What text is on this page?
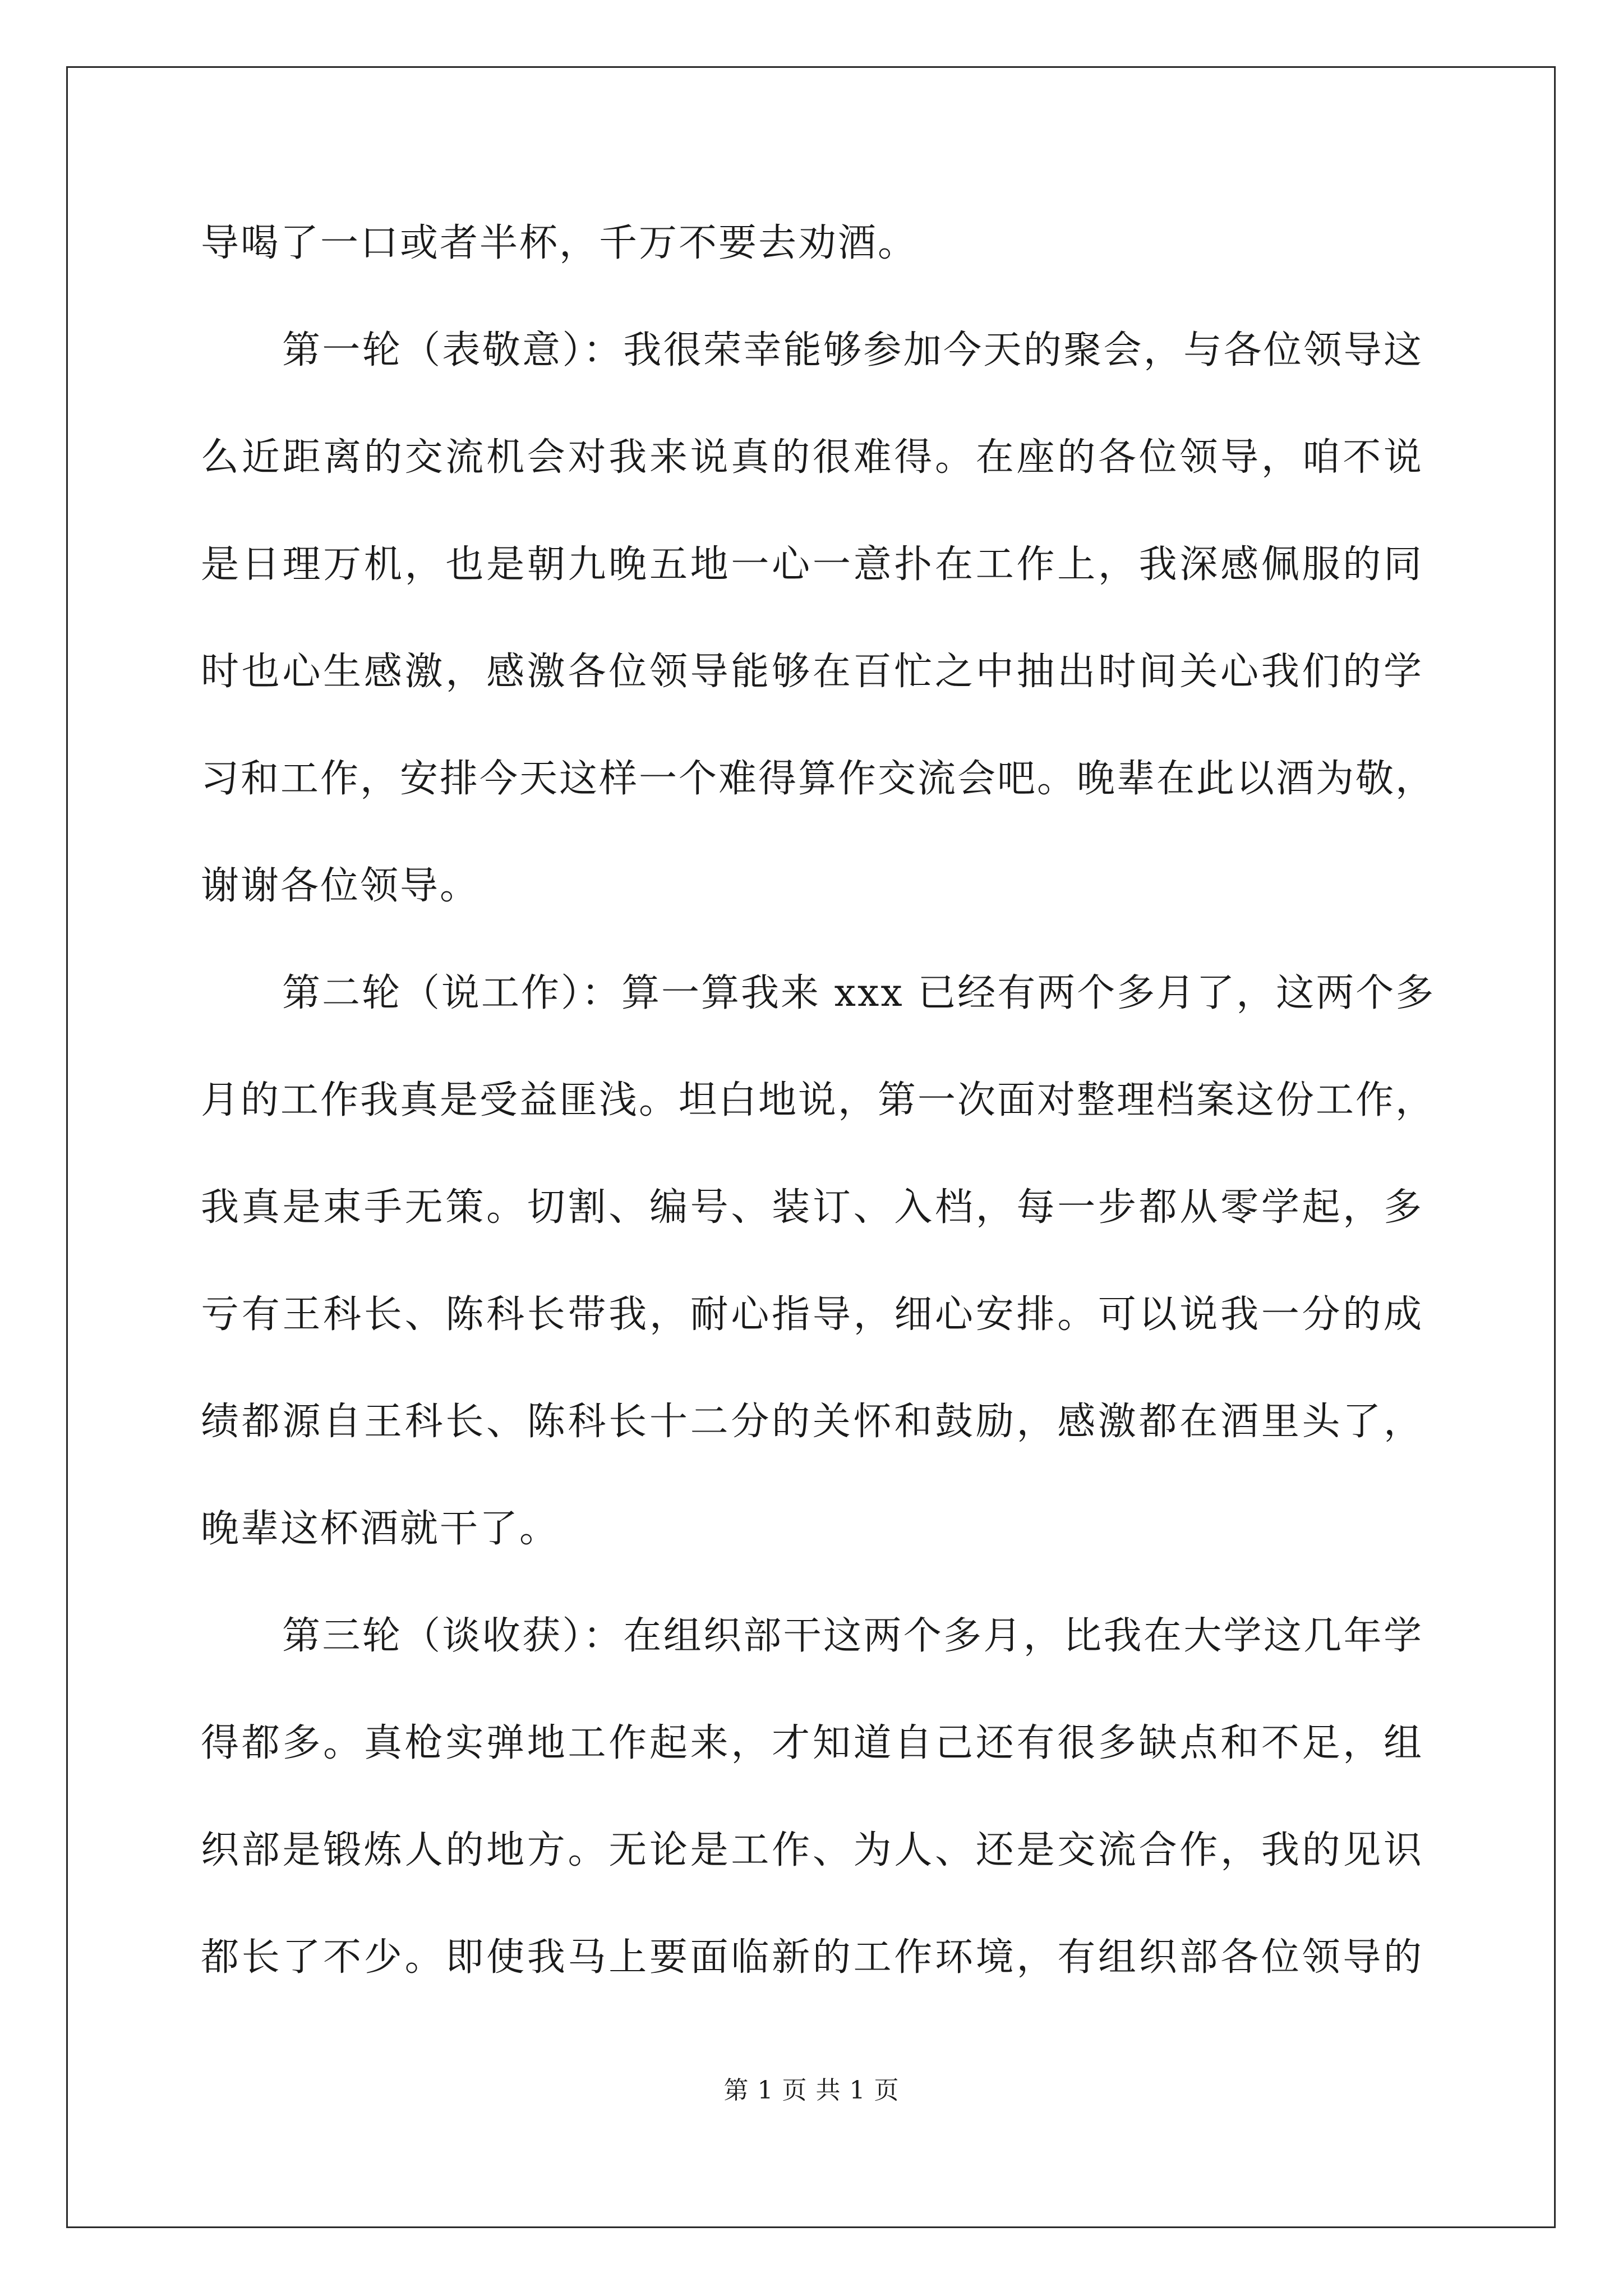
导喝了一口或者半杯，千万不要去劝酒。
第一轮（表敬意）：我很荣幸能够参加今天的聚会，与各位领导这
么近距离的交流机会对我来说真的很难得。在座的各位领导，咱不说
是日理万机，也是朝九晚五地一心一意扑在工作上，我深感佩服的同
时也心生感激，感激各位领导能够在百忙之中抽出时间关心我们的学
习和工作，安排今天这样一个难得算作交流会吧。晚辈在此以酒为敬，
谢谢各位领导。
第二轮（说工作）：算一算我来 xxx 已经有两个多月了，这两个多
月的工作我真是受益匪浅。坦白地说，第一次面对整理档案这份工作，
我真是束手无策。切割、编号、装订、入档，每一步都从零学起，多
亏有王科长、陈科长带我，耐心指导，细心安排。可以说我一分的成
绩都源自王科长、陈科长十二分的关怀和鼓励，感激都在酒里头了，
晚辈这杯酒就干了。
第三轮（谈收获）：在组织部干这两个多月，比我在大学这几年学
得都多。真枪实弹地工作起来，才知道自己还有很多缺点和不足，组
织部是锻炼人的地方。无论是工作、为人、还是交流合作，我的见识
都长了不少。即使我马上要面临新的工作环境，有组织部各位领导的
第 1 页 共 1 页
